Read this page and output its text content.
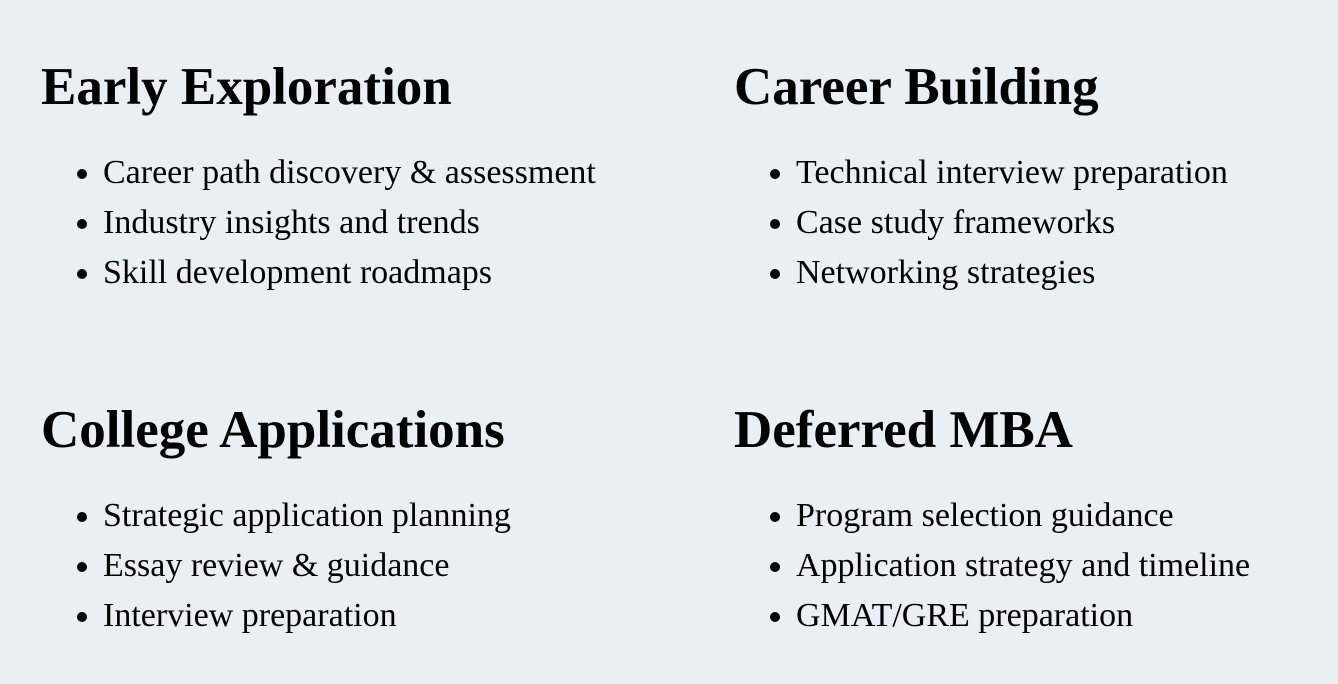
Early Exploration
• Career path discovery & assessment
• Industry insights and trends
• Skill development roadmaps
Career Building
• Technical interview preparation
• Case study frameworks
• Networking strategies
College Applications
• Strategic application planning
• Essay review & guidance
• Interview preparation
Deferred MBA
• Program selection guidance
• Application strategy and timeline
• GMAT/GRE preparation
